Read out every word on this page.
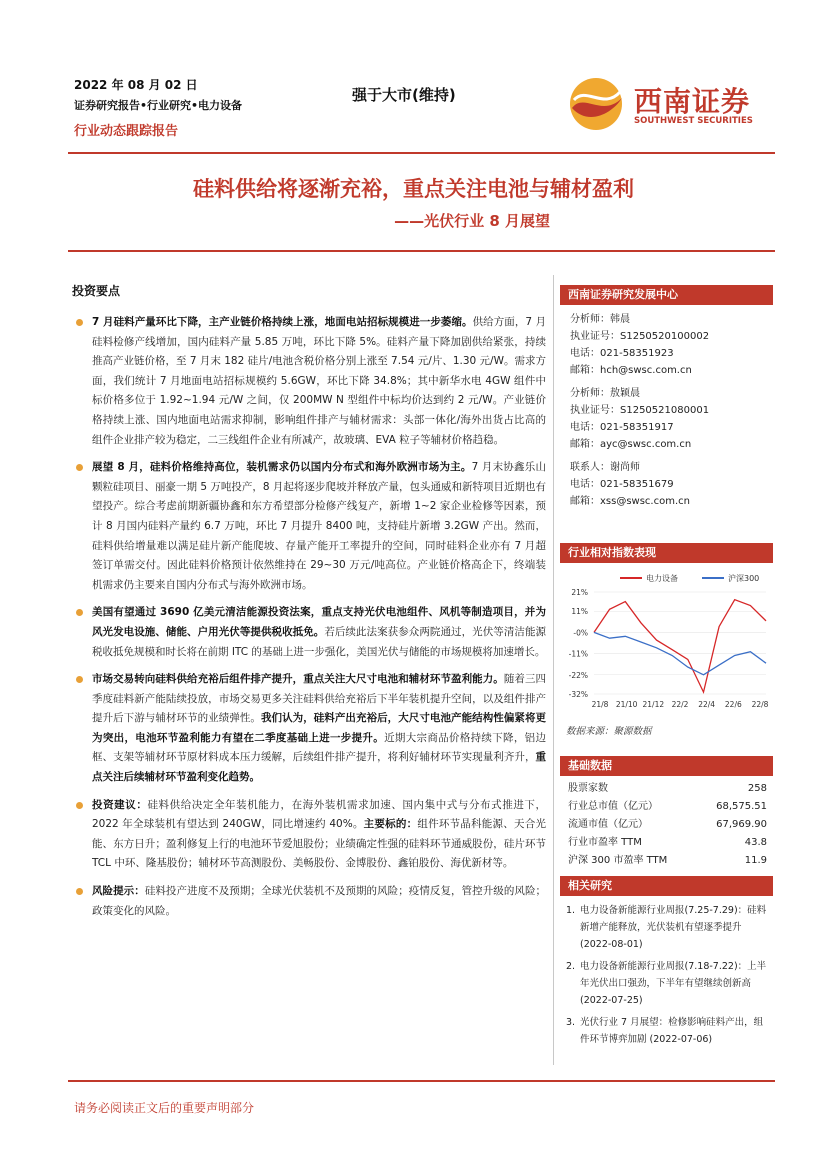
2022 年 08 月 02 日
证券研究报告•行业研究•电力设备
行业动态跟踪报告
强于大市(维持)	西南证券
SOUTHWEST SECURITIES
硅料供给将逐渐充裕，重点关注电池与辅材盈利
——光伏行业 8 月展望
投资要点
7 月硅料产量环比下降，主产业链价格持续上涨，地面电站招标规模进一步萎缩。供给方面，7 月硅料检修产线增加，国内硅料产量 5.85 万吨，环比下降 5%。硅料产量下降加剧供给紧张，持续推高产业链价格，至 7 月末 182 硅片/电池含税价格分别上涨至 7.54 元/片、1.30 元/W。需求方面，我们统计 7 月地面电站招标规模约 5.6GW，环比下降 34.8%；其中新华水电 4GW 组件中标价格多位于 1.92~1.94 元/W 之间，仅 200MW N 型组件中标均价达到约 2 元/W。产业链价格持续上涨、国内地面电站需求抑制，影响组件排产与辅材需求：头部一体化/海外出货占比高的组件企业排产较为稳定，二三线组件企业有所减产，故玻璃、EVA 粒子等辅材价格趋稳。
展望 8 月，硅料价格维持高位，装机需求仍以国内分布式和海外欧洲市场为主。7 月末协鑫乐山颗粒硅项目、丽豪一期 5 万吨投产，8 月起将逐步爬坡并释放产量，包头通威和新特项目近期也有望投产。综合考虑前期新疆协鑫和东方希望部分检修产线复产，新增 1~2 家企业检修等因素，预计 8 月国内硅料产量约 6.7 万吨，环比 7 月提升 8400 吨，支持硅片新增 3.2GW 产出。然而，硅料供给增量难以满足硅片新产能爬坡、存量产能开工率提升的空间，同时硅料企业亦有 7 月超签订单需交付。因此硅料价格预计依然维持在 29~30 万元/吨高位。产业链价格高企下，终端装机需求仍主要来自国内分布式与海外欧洲市场。
美国有望通过 3690 亿美元清洁能源投资法案，重点支持光伏电池组件、风机等制造项目，并为风光发电设施、储能、户用光伏等提供税收抵免。若后续此法案获参众两院通过，光伏等清洁能源税收抵免规模和时长将在前期 ITC 的基础上进一步强化，美国光伏与储能的市场规模将加速增长。
市场交易转向硅料供给充裕后组件排产提升，重点关注大尺寸电池和辅材环节盈利能力。随着三四季度硅料新产能陆续投放，市场交易更多关注硅料供给充裕后下半年装机提升空间，以及组件排产提升后下游与辅材环节的业绩弹性。我们认为，硅料产出充裕后，大尺寸电池产能结构性偏紧将更为突出，电池环节盈利能力有望在二季度基础上进一步提升。近期大宗商品价格持续下降，铝边框、支架等辅材环节原材料成本压力缓解，后续组件排产提升，将利好辅材环节实现量利齐升，重点关注后续辅材环节盈利变化趋势。
投资建议：硅料供给决定全年装机能力，在海外装机需求加速、国内集中式与分布式推进下，2022 年全球装机有望达到 240GW，同比增速约 40%。主要标的：组件环节晶科能源、天合光能、东方日升；盈利修复上行的电池环节爱旭股份；业绩确定性强的硅料环节通威股份，硅片环节 TCL 中环、隆基股份；辅材环节高测股份、美畅股份、金博股份、鑫铂股份、海优新材等。
风险提示：硅料投产进度不及预期；全球光伏装机不及预期的风险；疫情反复，管控升级的风险；政策变化的风险。
西南证券研究发展中心
分析师：韩晨
执业证号：S1250520100002
电话：021-58351923
邮箱：hch@swsc.com.cn
分析师：敖颖晨
执业证号：S1250521080001
电话：021-58351917
邮箱：ayc@swsc.com.cn
联系人：谢尚师
电话：021-58351679
邮箱：xss@swsc.com.cn
行业相对指数表现
21%
11%
-0%
-11%
-22%
-32%
21/8 21/10 21/12 22/2 22/4 22/6 22/8
电力设备	沪深300
数据来源：聚源数据
基础数据
股票家数	258
行业总市值（亿元）	68,575.51
流通市值（亿元）	67,969.90
行业市盈率 TTM	43.8
沪深 300 市盈率 TTM	11.9
相关研究
1. 电力设备新能源行业周报(7.25-7.29)：硅料新增产能释放，光伏装机有望逐季提升 (2022-08-01)
2. 电力设备新能源行业周报(7.18-7.22)：上半年光伏出口强劲，下半年有望继续创新高 (2022-07-25)
3. 光伏行业 7 月展望：检修影响硅料产出，组件环节博弈加剧 (2022-07-06)
请务必阅读正文后的重要声明部分
